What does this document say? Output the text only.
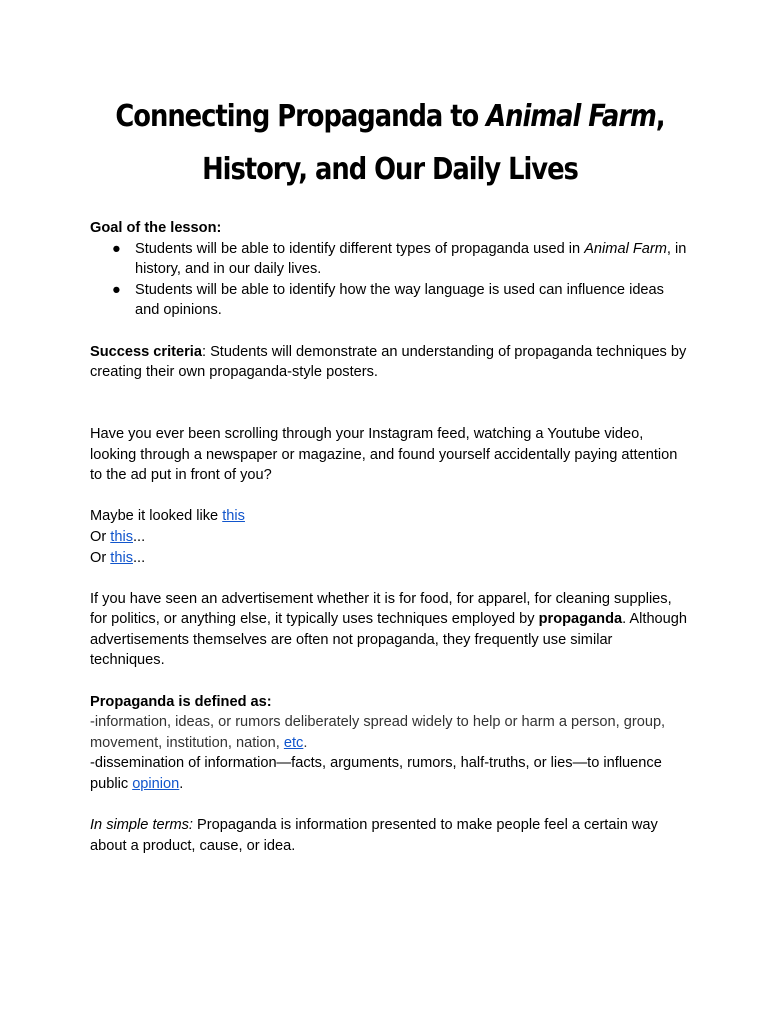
Connecting Propaganda to Animal Farm,
History, and Our Daily Lives

Goal of the lesson:

● Students will be able to identify different types of propaganda used in Animal Farm, in history, and in our daily lives.
● Students will be able to identify how the way language is used can influence ideas and opinions.

Success criteria: Students will demonstrate an understanding of propaganda techniques by creating their own propaganda-style posters.

Have you ever been scrolling through your Instagram feed, watching a Youtube video, looking through a newspaper or magazine, and found yourself accidentally paying attention to the ad put in front of you?

Maybe it looked like this

Or this...

Or this...

If you have seen an advertisement whether it is for food, for apparel, for cleaning supplies, for politics, or anything else, it typically uses techniques employed by propaganda. Although advertisements themselves are often not propaganda, they frequently use similar techniques.

Propaganda is defined as:

-information, ideas, or rumors deliberately spread widely to help or harm a person, group, movement, institution, nation, etc.

-dissemination of information—facts, arguments, rumors, half-truths, or lies—to influence public opinion.

In simple terms: Propaganda is information presented to make people feel a certain way about a product, cause, or idea.
